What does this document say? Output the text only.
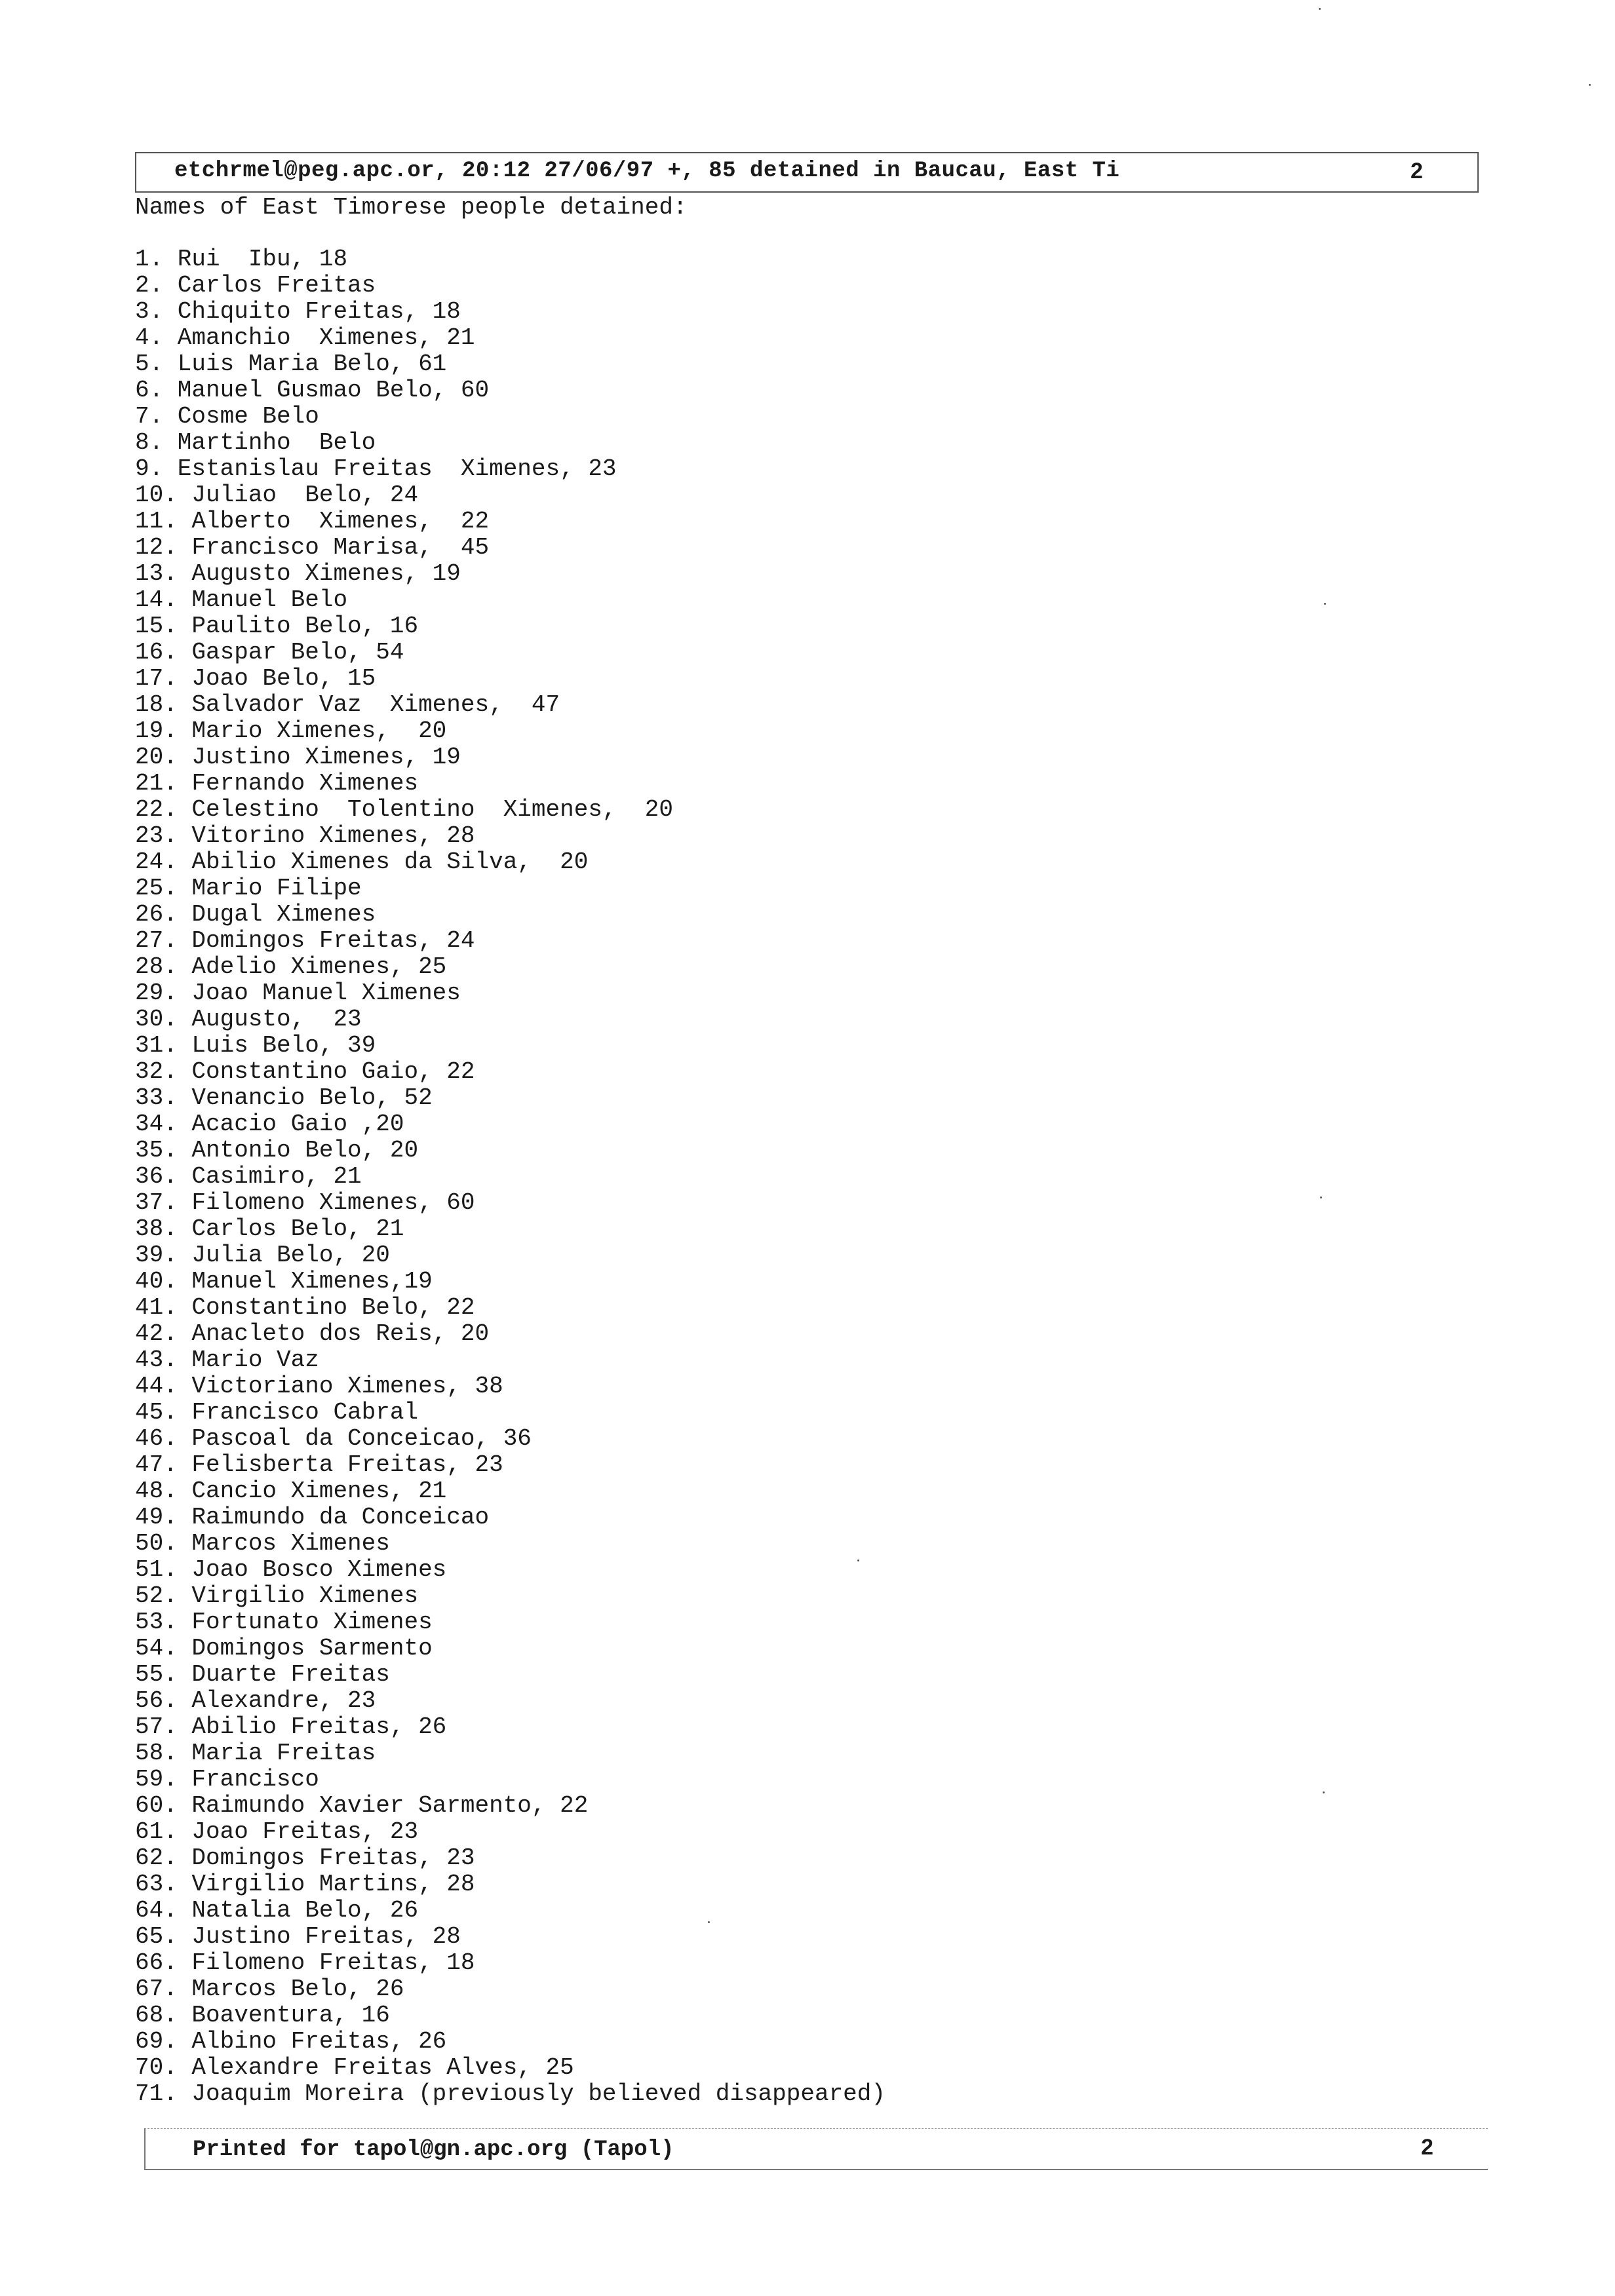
etchrmel@peg.apc.or, 20:12 27/06/97 +, 85 detained in Baucau, East Ti	2
Names of East Timorese people detained:
1. Rui  Ibu, 18
2. Carlos Freitas
3. Chiquito Freitas, 18
4. Amanchio  Ximenes, 21
5. Luis Maria Belo, 61
6. Manuel Gusmao Belo, 60
7. Cosme Belo
8. Martinho  Belo
9. Estanislau Freitas  Ximenes, 23
10. Juliao  Belo, 24
11. Alberto  Ximenes,  22
12. Francisco Marisa,  45
13. Augusto Ximenes, 19
14. Manuel Belo
15. Paulito Belo, 16
16. Gaspar Belo, 54
17. Joao Belo, 15
18. Salvador Vaz  Ximenes,  47
19. Mario Ximenes,  20
20. Justino Ximenes, 19
21. Fernando Ximenes
22. Celestino  Tolentino  Ximenes,  20
23. Vitorino Ximenes, 28
24. Abilio Ximenes da Silva,  20
25. Mario Filipe
26. Dugal Ximenes
27. Domingos Freitas, 24
28. Adelio Ximenes, 25
29. Joao Manuel Ximenes
30. Augusto,  23
31. Luis Belo, 39
32. Constantino Gaio, 22
33. Venancio Belo, 52
34. Acacio Gaio ,20
35. Antonio Belo, 20
36. Casimiro, 21
37. Filomeno Ximenes, 60
38. Carlos Belo, 21
39. Julia Belo, 20
40. Manuel Ximenes,19
41. Constantino Belo, 22
42. Anacleto dos Reis, 20
43. Mario Vaz
44. Victoriano Ximenes, 38
45. Francisco Cabral
46. Pascoal da Conceicao, 36
47. Felisberta Freitas, 23
48. Cancio Ximenes, 21
49. Raimundo da Conceicao
50. Marcos Ximenes
51. Joao Bosco Ximenes
52. Virgilio Ximenes
53. Fortunato Ximenes
54. Domingos Sarmento
55. Duarte Freitas
56. Alexandre, 23
57. Abilio Freitas, 26
58. Maria Freitas
59. Francisco
60. Raimundo Xavier Sarmento, 22
61. Joao Freitas, 23
62. Domingos Freitas, 23
63. Virgilio Martins, 28
64. Natalia Belo, 26
65. Justino Freitas, 28
66. Filomeno Freitas, 18
67. Marcos Belo, 26
68. Boaventura, 16
69. Albino Freitas, 26
70. Alexandre Freitas Alves, 25
71. Joaquim Moreira (previously believed disappeared)
Printed for tapol@gn.apc.org (Tapol)	2
